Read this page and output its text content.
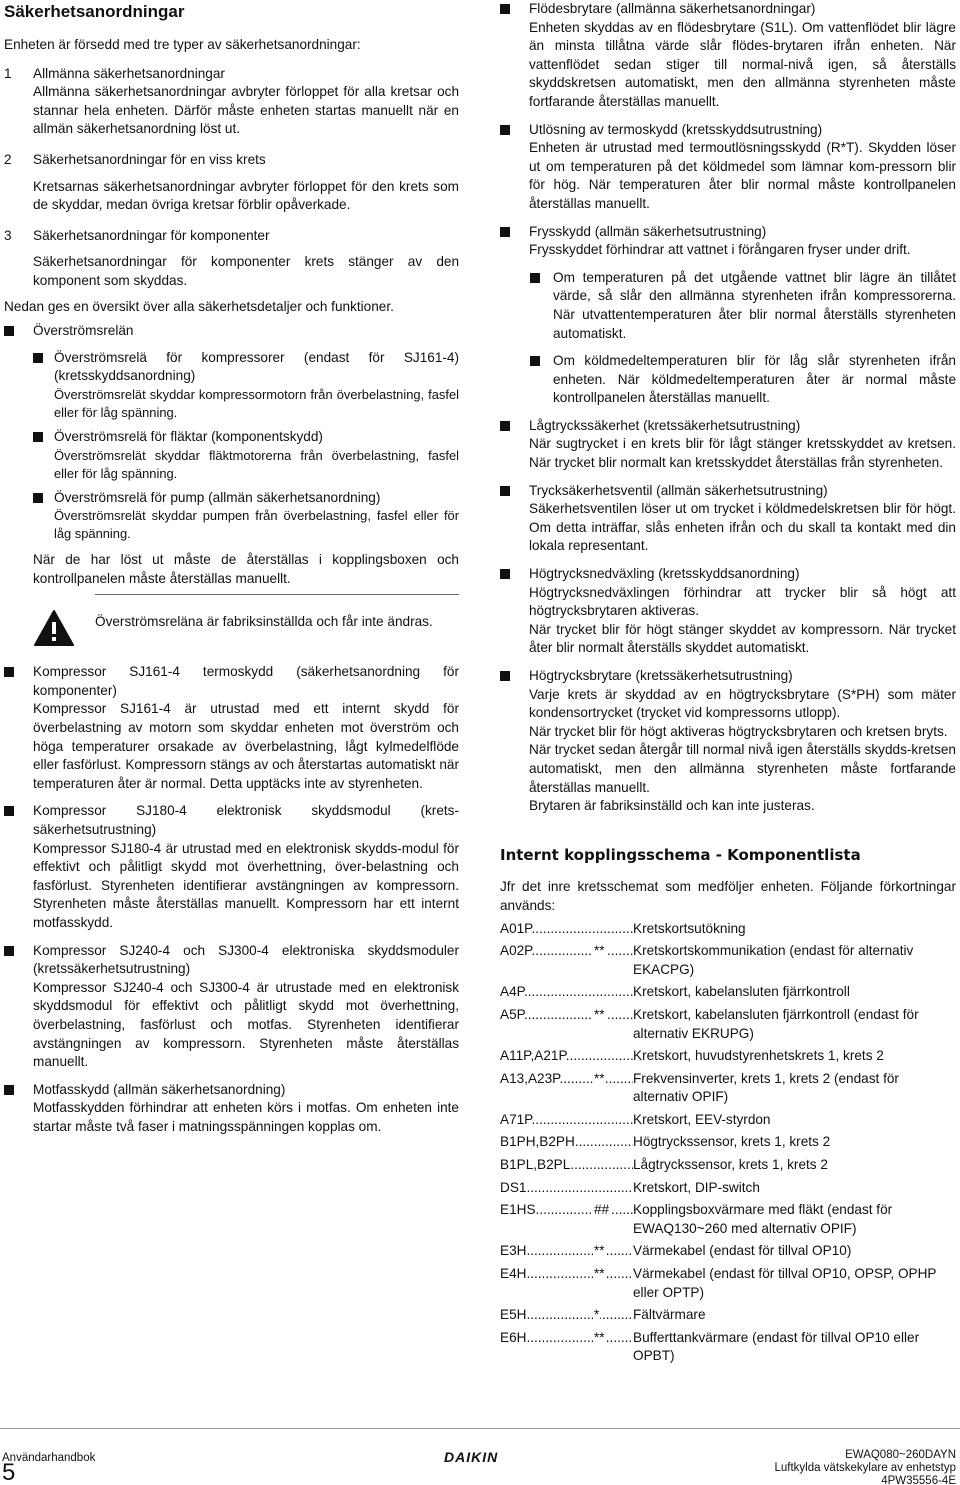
Säkerhetsanordningar

Enheten är försedd med tre typer av säkerhetsanordningar:

1 Allmänna säkerhetsanordningar

Allmänna säkerhetsanordningar avbryter förloppet för alla kretsar och stannar hela enheten. Därför måste enheten startas manuellt när en allmän säkerhetsanordning löst ut.

2 Säkerhetsanordningar för en viss krets

Kretsarnas säkerhetsanordningar avbryter förloppet för den krets som de skyddar, medan övriga kretsar förblir opåverkade.

3 Säkerhetsanordningar för komponenter

Säkerhetsanordningar för komponenter krets stänger av den komponent som skyddas.

Nedan ges en översikt över alla säkerhetsdetaljer och funktioner.

Överströmsrelän

Överströmsrelä för kompressorer (endast för SJ161-4) (kretsskyddsanordning)

Överströmsrelät skyddar kompressormotorn från överbelastning, fasfel eller för låg spänning.

Överströmsrelä för fläktar (komponentskydd)

Överströmsrelät skyddar fläktmotorerna från överbelastning, fasfel eller för låg spänning.

Överströmsrelä för pump (allmän säkerhetsanordning)

Överströmsrelät skyddar pumpen från överbelastning, fasfel eller för låg spänning.

När de har löst ut måste de återställas i kopplingsboxen och kontrollpanelen måste återställas manuellt.

Överströmsreläna är fabriksinställda och får inte ändras.

Kompressor SJ161-4 termoskydd (säkerhetsanordning för komponenter)

Kompressor SJ161-4 är utrustad med ett internt skydd för överbelastning av motorn som skyddar enheten mot överström och höga temperaturer orsakade av överbelastning, lågt kylmedelflöde eller fasförlust. Kompressorn stängs av och återstartas automatiskt när temperaturen åter är normal. Detta upptäcks inte av styrenheten.

Kompressor SJ180-4 elektronisk skyddsmodul (krets-säkerhetsutrustning)

Kompressor SJ180-4 är utrustad med en elektronisk skydds-modul för effektivt och pålitligt skydd mot överhettning, över-belastning och fasförlust. Styrenheten identifierar avstängningen av kompressorn. Styrenheten måste återställas manuellt. Kompressorn har ett internt motfasskydd.

Kompressor SJ240-4 och SJ300-4 elektroniska skyddsmoduler (kretssäkerhetsutrustning)

Kompressor SJ240-4 och SJ300-4 är utrustade med en elektronisk skyddsmodul för effektivt och pålitligt skydd mot överhettning, överbelastning, fasförlust och motfas. Styrenheten identifierar avstängningen av kompressorn. Styrenheten måste återställas manuellt.

Motfasskydd (allmän säkerhetsanordning)

Motfasskydden förhindrar att enheten körs i motfas. Om enheten inte startar måste två faser i matningsspänningen kopplas om.

Flödesbrytare (allmänna säkerhetsanordningar)

Enheten skyddas av en flödesbrytare (S1L). Om vattenflödet blir lägre än minsta tillåtna värde slår flödes-brytaren ifrån enheten. När vattenflödet sedan stiger till normal-nivå igen, så återställs skyddskretsen automatiskt, men den allmänna styrenheten måste fortfarande återställas manuellt.

Utlösning av termoskydd (kretsskyddsutrustning)

Enheten är utrustad med termoutlösningsskydd (R*T). Skydden löser ut om temperaturen på det köldmedel som lämnar kom-pressorn blir för hög. När temperaturen åter blir normal måste kontrollpanelen återställas manuellt.

Frysskydd (allmän säkerhetsutrustning)

Frysskyddet förhindrar att vattnet i förångaren fryser under drift.

Om temperaturen på det utgående vattnet blir lägre än tillåtet värde, så slår den allmänna styrenheten ifrån kompressorerna. När utvattentemperaturen åter blir normal återställs styrenheten automatiskt.

Om köldmedeltemperaturen blir för låg slår styrenheten ifrån enheten. När köldmedeltemperaturen åter är normal måste kontrollpanelen återställas manuellt.

Lågtryckssäkerhet (kretssäkerhetsutrustning)

När sugtrycket i en krets blir för lågt stänger kretsskyddet av kretsen. När trycket blir normalt kan kretsskyddet återställas från styrenheten.

Trycksäkerhetsventil (allmän säkerhetsutrustning)

Säkerhetsventilen löser ut om trycket i köldmedelskretsen blir för högt. Om detta inträffar, slås enheten ifrån och du skall ta kontakt med din lokala representant.

Högtrycksnedväxling (kretsskyddsanordning)

Högtrycksnedväxlingen förhindrar att trycker blir så högt att högtrycksbrytaren aktiveras.

När trycket blir för högt stänger skyddet av kompressorn. När trycket åter blir normalt återställs skyddet automatiskt.

Högtrycksbrytare (kretssäkerhetsutrustning)

Varje krets är skyddad av en högtrycksbrytare (S*PH) som mäter kondensortrycket (trycket vid kompressorns utlopp).

När trycket blir för högt aktiveras högtrycksbrytaren och kretsen bryts.

När trycket sedan återgår till normal nivå igen återställs skydds-kretsen automatiskt, men den allmänna styrenheten måste fortfarande återställas manuellt.

Brytaren är fabriksinställd och kan inte justeras.

Internt kopplingsschema - Komponentlista

Jfr det inre kretsschemat som medföljer enheten. Följande förkortningar används:

A01P .....	Kretskortsutökning
A02P .....	** Kretskortskommunikation (endast för alternativ EKACPG)
A4P .....	Kretskort, kabelansluten fjärrkontroll
A5P .....	** Kretskort, kabelansluten fjärrkontroll (endast för alternativ EKRUPG)
A11P,A21P .....	Kretskort, huvudstyrenhetskrets 1, krets 2
A13,A23P .....	** Frekvensinverter, krets 1, krets 2 (endast för alternativ OPIF)
A71P .....	Kretskort, EEV-styrdon
B1PH,B2PH .....	Högtryckssensor, krets 1, krets 2
B1PL,B2PL .....	Lågtryckssensor, krets 1, krets 2
DS1 .....	Kretskort, DIP-switch
E1HS .....	## Kopplingsboxvärmare med fläkt (endast för EWAQ130~260 med alternativ OPIF)
E3H .....	** Värmekabel (endast för tillval OP10)
E4H .....	** Värmekabel (endast för tillval OP10, OPSP, OPHP eller OPTP)
E5H .....	* Fältvärmare
E6H .....	** Bufferttankvärmare (endast för tillval OP10 eller OPBT)
Användarhandbok
5
DAIKIN	EWAQ080~260DAYN
Luftkylda vätskekylare av enhetstyp
4PW35556-4E
